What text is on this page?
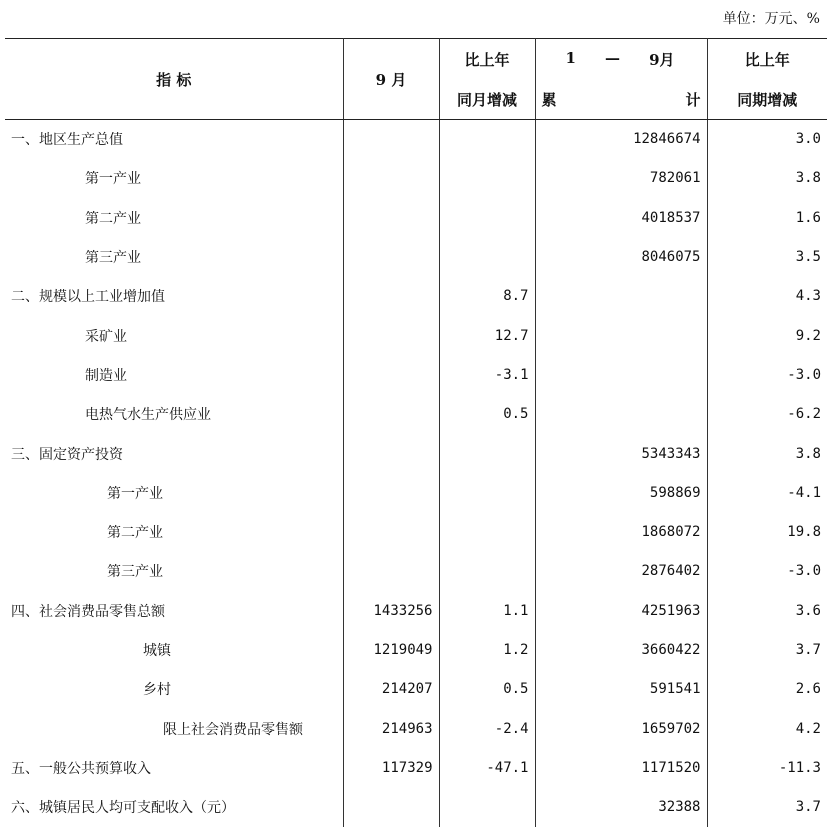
单位：万元、%
指 标	9 月	比上年	1 — 9月	比上年
		同月增减	累 计	同期增减
一、地区生产总值			12846674	3.0
第一产业			782061	3.8
第二产业			4018537	1.6
第三产业			8046075	3.5
二、规模以上工业增加值		8.7		4.3
采矿业		12.7		9.2
制造业		-3.1		-3.0
电热气水生产供应业		0.5		-6.2
三、固定资产投资			5343343	3.8
第一产业			598869	-4.1
第二产业			1868072	19.8
第三产业			2876402	-3.0
四、社会消费品零售总额	1433256	1.1	4251963	3.6
城镇	1219049	1.2	3660422	3.7
乡村	214207	0.5	591541	2.6
限上社会消费品零售额	214963	-2.4	1659702	4.2
五、一般公共预算收入	117329	-47.1	1171520	-11.3
六、城镇居民人均可支配收入（元）			32388	3.7
